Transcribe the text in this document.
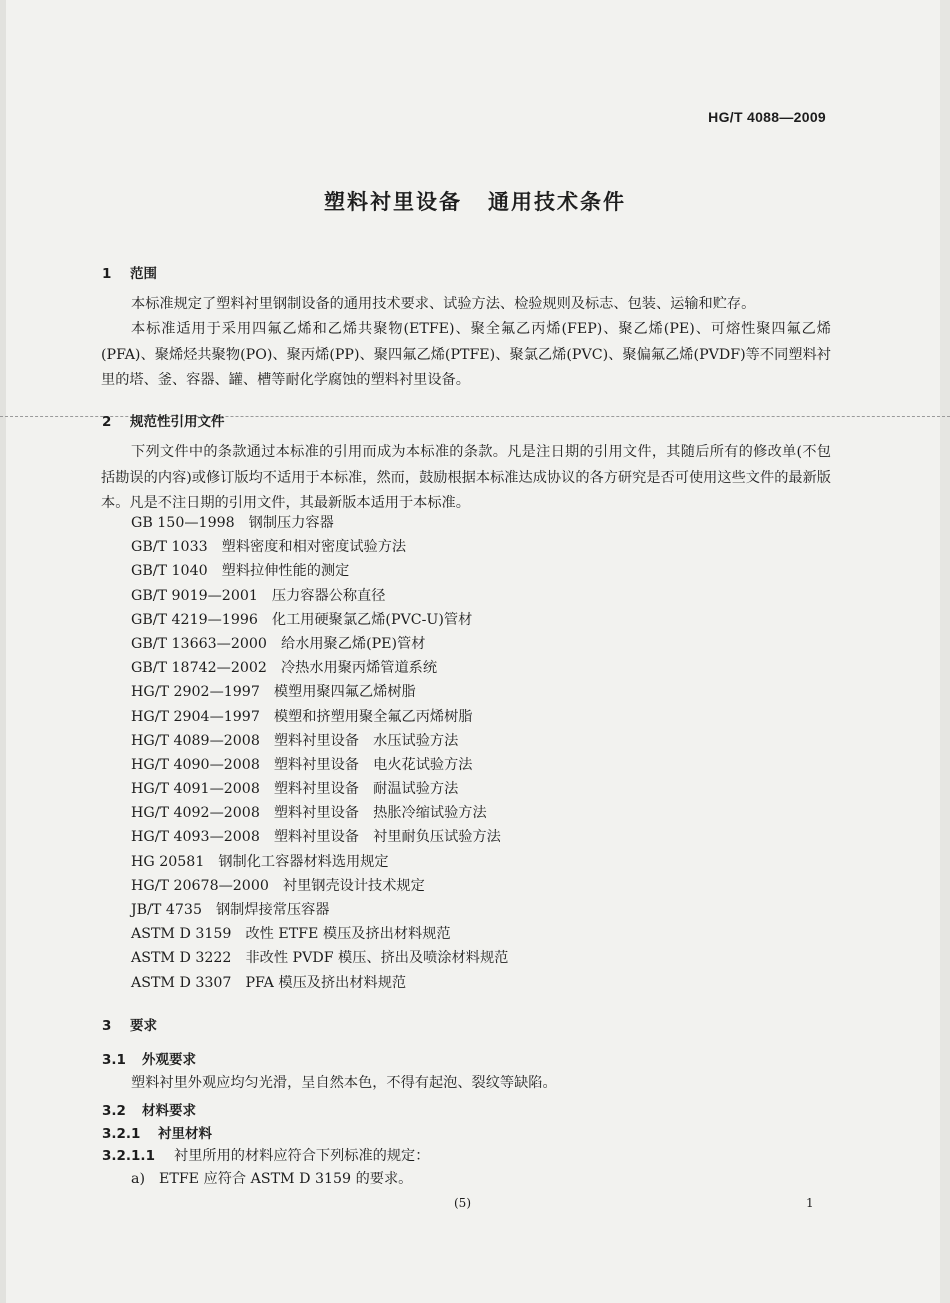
HG/T 4088—2009
塑料衬里设备 通用技术条件
1 范围

本标准规定了塑料衬里钢制设备的通用技术要求、试验方法、检验规则及标志、包装、运输和贮存。

本标准适用于采用四氟乙烯和乙烯共聚物(ETFE)、聚全氟乙丙烯(FEP)、聚乙烯(PE)、可熔性聚四氟乙烯(PFA)、聚烯烃共聚物(PO)、聚丙烯(PP)、聚四氟乙烯(PTFE)、聚氯乙烯(PVC)、聚偏氟乙烯(PVDF)等不同塑料衬里的塔、釜、容器、罐、槽等耐化学腐蚀的塑料衬里设备。

2 规范性引用文件

下列文件中的条款通过本标准的引用而成为本标准的条款。凡是注日期的引用文件，其随后所有的修改单(不包括勘误的内容)或修订版均不适用于本标准，然而，鼓励根据本标准达成协议的各方研究是否可使用这些文件的最新版本。凡是不注日期的引用文件，其最新版本适用于本标准。

GB 150—1998 钢制压力容器
GB/T 1033 塑料密度和相对密度试验方法
GB/T 1040 塑料拉伸性能的测定
GB/T 9019—2001 压力容器公称直径
GB/T 4219—1996 化工用硬聚氯乙烯(PVC-U)管材
GB/T 13663—2000 给水用聚乙烯(PE)管材
GB/T 18742—2002 冷热水用聚丙烯管道系统
HG/T 2902—1997 模塑用聚四氟乙烯树脂
HG/T 2904—1997 模塑和挤塑用聚全氟乙丙烯树脂
HG/T 4089—2008 塑料衬里设备　水压试验方法
HG/T 4090—2008 塑料衬里设备　电火花试验方法
HG/T 4091—2008 塑料衬里设备　耐温试验方法
HG/T 4092—2008 塑料衬里设备　热胀冷缩试验方法
HG/T 4093—2008 塑料衬里设备　衬里耐负压试验方法
HG 20581 钢制化工容器材料选用规定
HG/T 20678—2000 衬里钢壳设计技术规定
JB/T 4735 钢制焊接常压容器
ASTM D 3159 改性 ETFE 模压及挤出材料规范
ASTM D 3222 非改性 PVDF 模压、挤出及喷涂材料规范
ASTM D 3307 PFA 模压及挤出材料规范
3 要求
3.1 外观要求

塑料衬里外观应均匀光滑，呈自然本色，不得有起泡、裂纹等缺陷。

3.2 材料要求
3.2.1 衬里材料
3.2.1.1 衬里所用的材料应符合下列标准的规定：
a) ETFE 应符合 ASTM D 3159 的要求。
(5)	1
